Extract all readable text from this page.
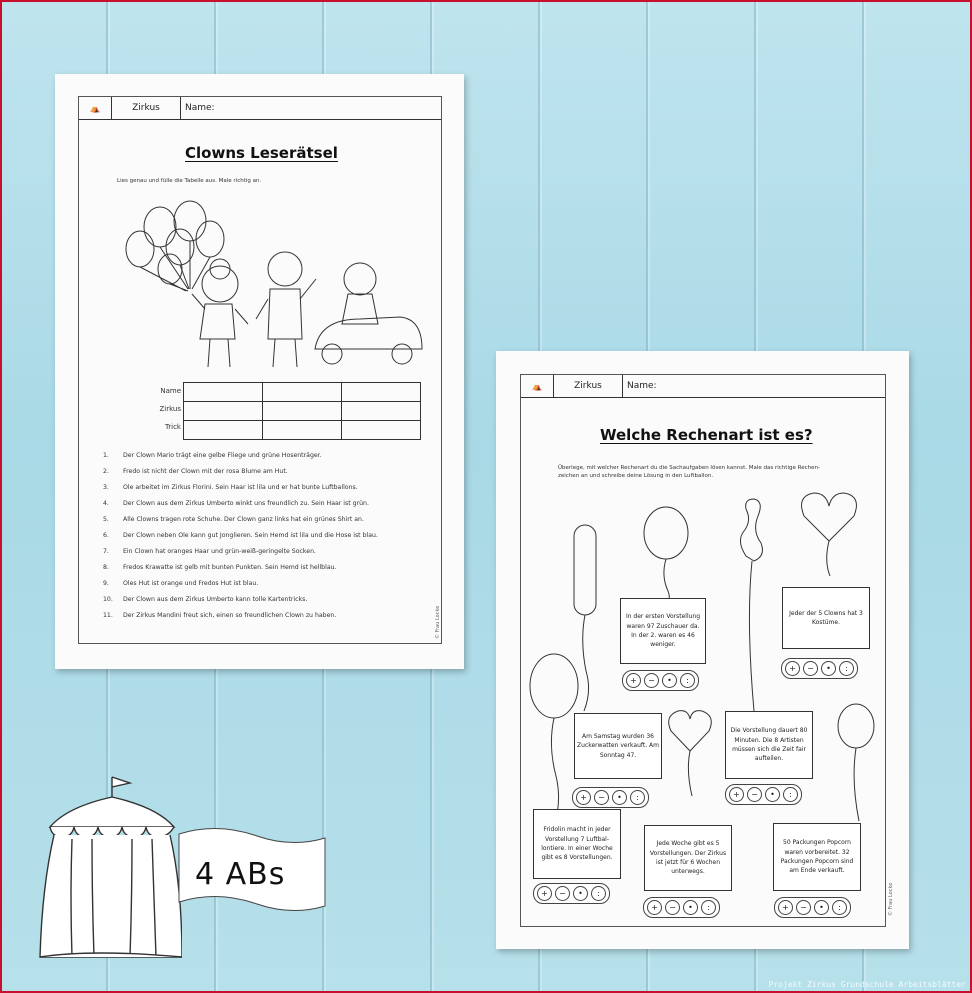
⛺	Zirkus	Name:
Clowns Leserätsel
Lies genau und fülle die Tabelle aus. Male richtig an.
Name
Zirkus
Trick

1. Der Clown Mario trägt eine gelbe Fliege und grüne Hosenträger.
2. Fredo ist nicht der Clown mit der rosa Blume am Hut.
3. Ole arbeitet im Zirkus Florini. Sein Haar ist lila und er hat bunte Luftballons.
4. Der Clown aus dem Zirkus Umberto winkt uns freundlich zu. Sein Haar ist grün.
5. Alle Clowns tragen rote Schuhe. Der Clown ganz links hat ein grünes Shirt an.
6. Der Clown neben Ole kann gut Jonglieren. Sein Hemd ist lila und die Hose ist blau.
7. Ein Clown hat oranges Haar und grün-weiß-geringelte Socken.
8. Fredos Krawatte ist gelb mit bunten Punkten. Sein Hemd ist hellblau.
9. Oles Hut ist orange und Fredos Hut ist blau.
10. Der Clown aus dem Zirkus Umberto kann tolle Kartentricks.
11. Der Zirkus Mandini freut sich, einen so freundlichen Clown zu haben.	© Frau Locke
⛺	Zirkus	Name:
Welche Rechenart ist es?
Überlege, mit welcher Rechenart du die Sachaufgaben lösen kannst. Male das richtige Rechen-
zeichen an und schreibe deine Lösung in den Luftballon.
In der ersten Vorstellung waren 97 Zuschauer da. In der 2. waren es 46 weniger.
+	−	•	:
Jeder der 5 Clowns hat 3 Kostüme.
+	−	•	:
Am Samstag wurden 36 Zuckerwatten verkauft. Am Sonntag 47.
+	−	•	:
Die Vorstellung dauert 80 Minuten. Die 8 Artisten müssen sich die Zeit fair aufteilen.
+	−	•	:
Fridolin macht in jeder Vorstellung 7 Luftbal-lontiere. In einer Woche gibt es 8 Vorstellungen.
+	−	•	:
Jede Woche gibt es 5 Vorstellungen. Der Zirkus ist jetzt für 6 Wochen unterwegs.
+	−	•	:
50 Packungen Popcorn waren vorbereitet. 32 Packungen Popcorn sind am Ende verkauft.
+	−	•	:	© Frau Locke
4 ABs
Projekt Zirkus Grundschule Arbeitsblätter
